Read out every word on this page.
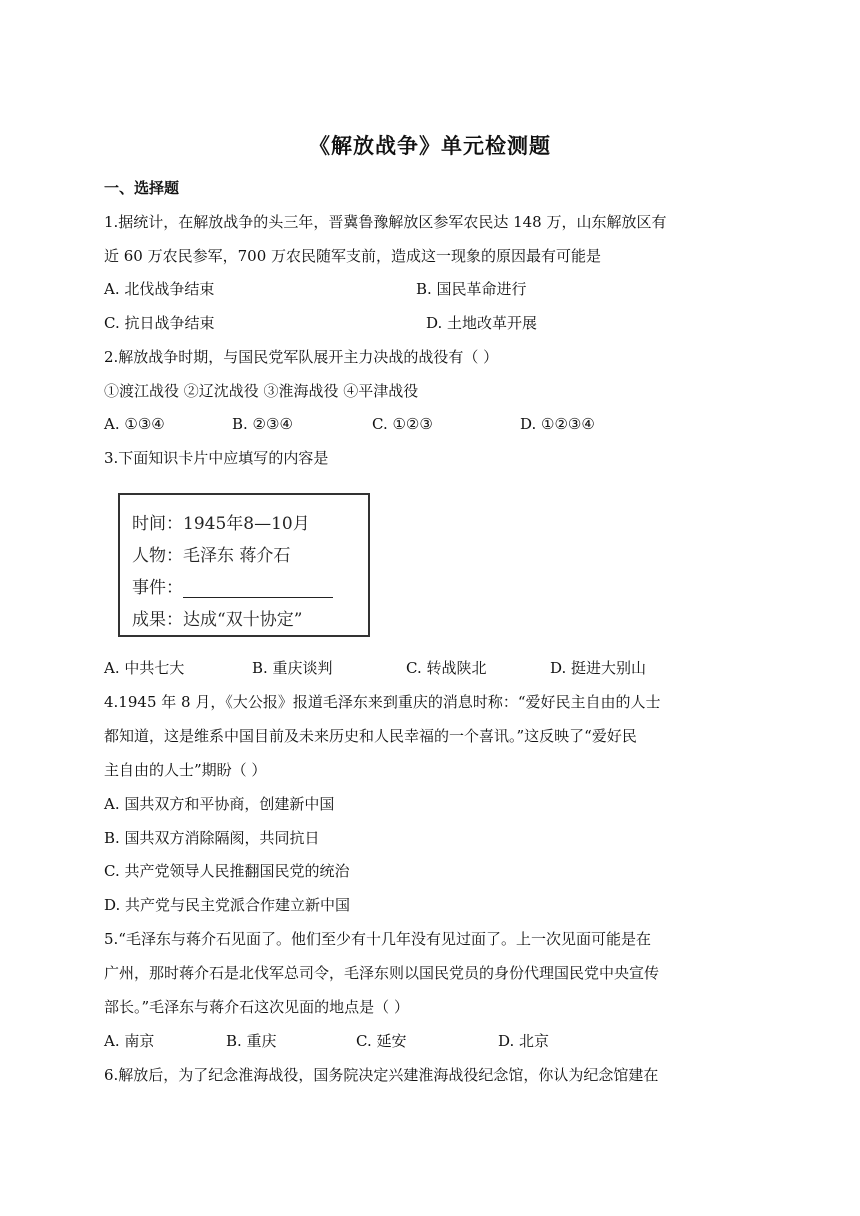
《解放战争》单元检测题
一、选择题
1.据统计，在解放战争的头三年，晋冀鲁豫解放区参军农民达 148 万，山东解放区有
近 60 万农民参军，700 万农民随军支前，造成这一现象的原因最有可能是
A. 北伐战争结束	B. 国民革命进行
C. 抗日战争结束	D. 土地改革开展
2.解放战争时期，与国民党军队展开主力决战的战役有（ ）
①渡江战役 ②辽沈战役 ③淮海战役 ④平津战役
A. ①③④	B. ②③④	C. ①②③	D. ①②③④
3.下面知识卡片中应填写的内容是
时间：1945年8—10月
人物：毛泽东 蒋介石
事件：
成果：达成“双十协定”
A. 中共七大	B. 重庆谈判	C. 转战陕北	D. 挺进大别山
4.1945 年 8 月，《大公报》报道毛泽东来到重庆的消息时称：“爱好民主自由的人士
都知道，这是维系中国目前及未来历史和人民幸福的一个喜讯。”这反映了“爱好民
主自由的人士”期盼（ ）
A. 国共双方和平协商，创建新中国
B. 国共双方消除隔阂，共同抗日
C. 共产党领导人民推翻国民党的统治
D. 共产党与民主党派合作建立新中国
5.“毛泽东与蒋介石见面了。他们至少有十几年没有见过面了。上一次见面可能是在
广州，那时蒋介石是北伐军总司令，毛泽东则以国民党员的身份代理国民党中央宣传
部长。”毛泽东与蒋介石这次见面的地点是（ ）
A. 南京	B. 重庆	C. 延安	D. 北京
6.解放后，为了纪念淮海战役，国务院决定兴建淮海战役纪念馆，你认为纪念馆建在
